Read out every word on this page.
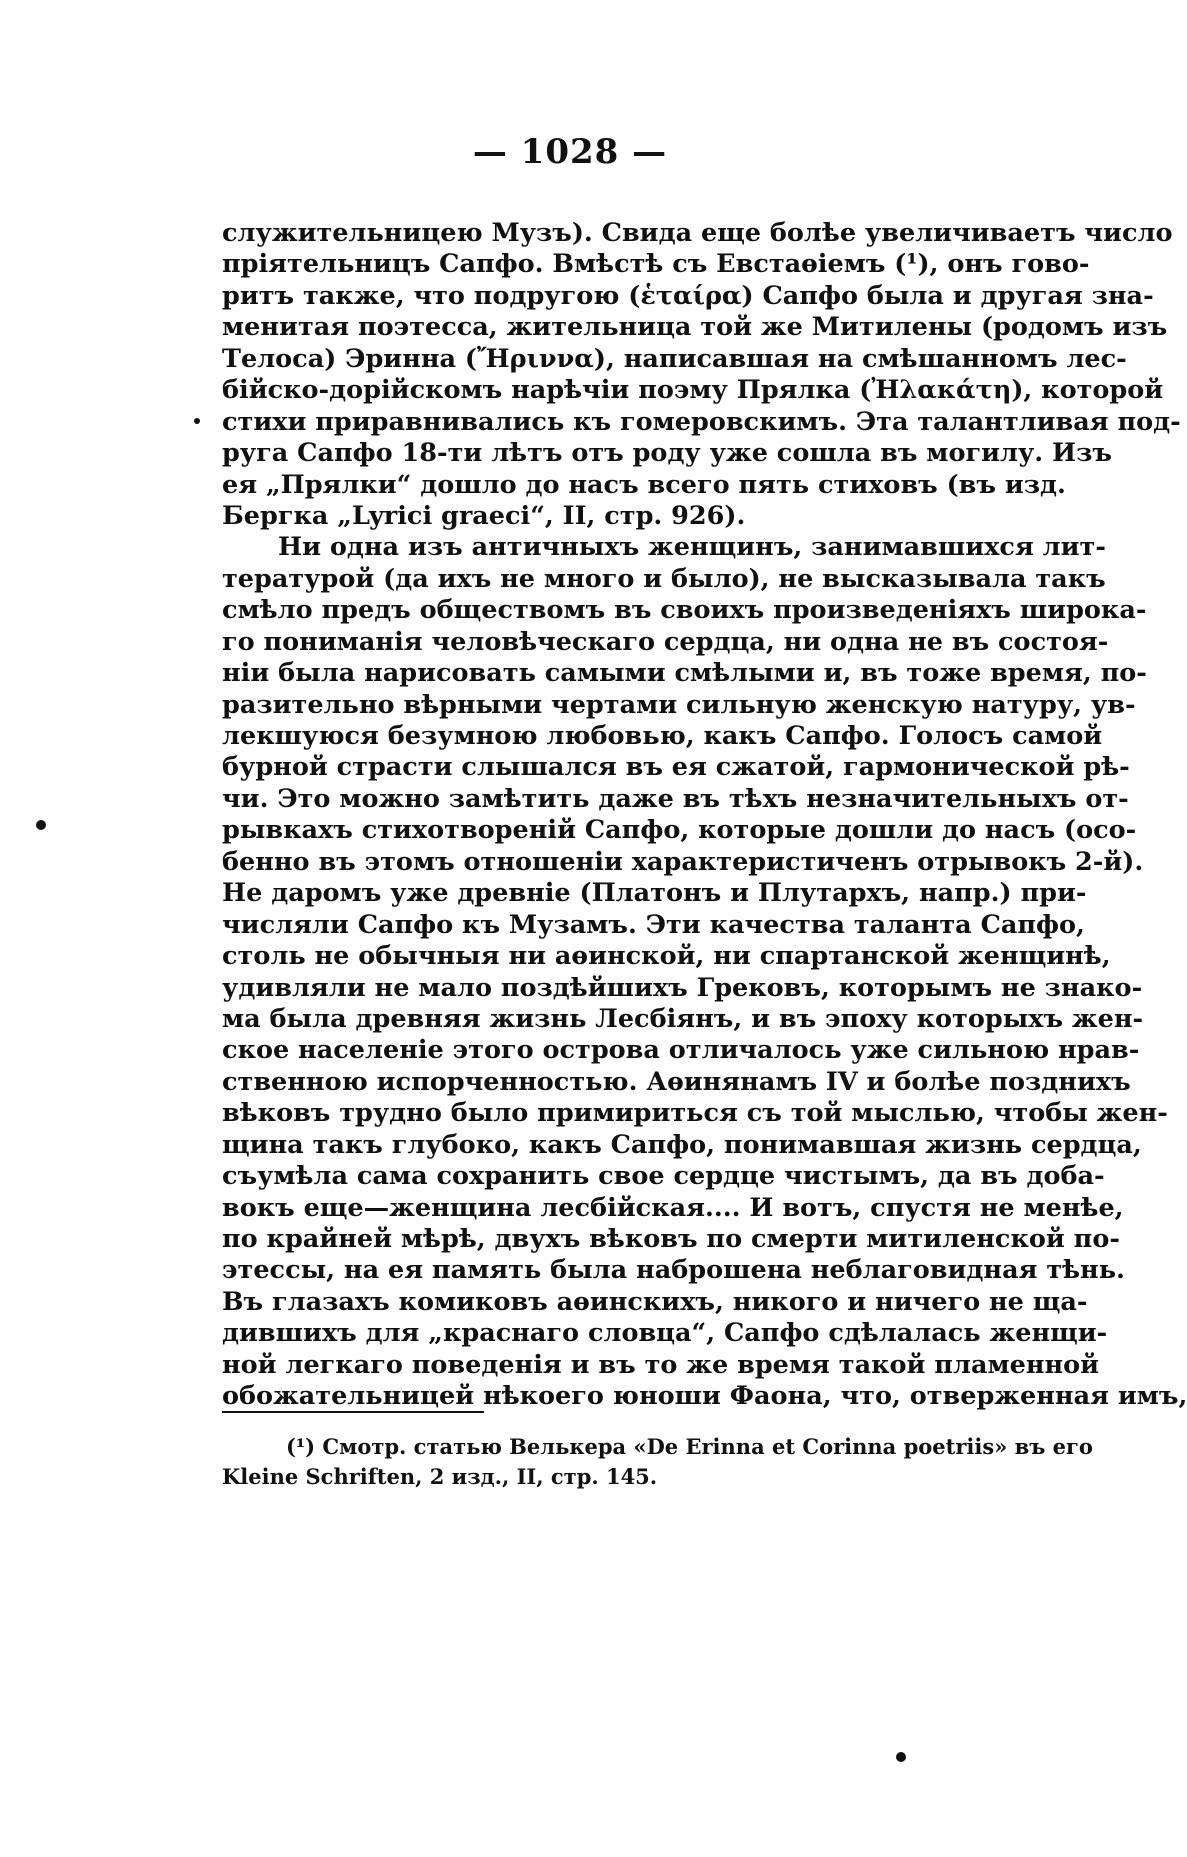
— 1028 —
служительницею Музъ). Свида еще болѣе увеличиваетъ число
пріятельницъ Сапфо. Вмѣстѣ съ Евстаѳіемъ (¹), онъ гово-
ритъ также, что подругою (ἑταίρα) Сапфо была и другая зна-
менитая поэтесса, жительница той же Митилены (родомъ изъ
Телоса) Эринна (Ἤριννα), написавшая на смѣшанномъ лес-
бійско-дорійскомъ нарѣчіи поэму Прялка (Ἠλακάτη), которой
стихи приравнивались къ гомеровскимъ. Эта талантливая под-
руга Сапфо 18-ти лѣтъ отъ роду уже сошла въ могилу. Изъ
ея „Прялки“ дошло до насъ всего пять стиховъ (въ изд.
Бергка „Lyrici graeci“, II, стр. 926).
Ни одна изъ античныхъ женщинъ, занимавшихся лит-
тературой (да ихъ не много и было), не высказывала такъ
смѣло предъ обществомъ въ своихъ произведеніяхъ широка-
го пониманія человѣческаго сердца, ни одна не въ состоя-
ніи была нарисовать самыми смѣлыми и, въ тоже время, по-
разительно вѣрными чертами сильную женскую натуру, ув-
лекшуюся безумною любовью, какъ Сапфо. Голосъ самой
бурной страсти слышался въ ея сжатой, гармонической рѣ-
чи. Это можно замѣтить даже въ тѣхъ незначительныхъ от-
рывкахъ стихотвореній Сапфо, которые дошли до насъ (осо-
бенно въ этомъ отношеніи характеристиченъ отрывокъ 2-й).
Не даромъ уже древніе (Платонъ и Плутархъ, напр.) при-
числяли Сапфо къ Музамъ. Эти качества таланта Сапфо,
столь не обычныя ни аѳинской, ни спартанской женщинѣ,
удивляли не мало поздѣйшихъ Грековъ, которымъ не знако-
ма была древняя жизнь Лесбіянъ, и въ эпоху которыхъ жен-
ское населеніе этого острова отличалось уже сильною нрав-
ственною испорченностью. Аѳинянамъ IV и болѣе позднихъ
вѣковъ трудно было примириться съ той мыслью, чтобы жен-
щина такъ глубоко, какъ Сапфо, понимавшая жизнь сердца,
съумѣла сама сохранить свое сердце чистымъ, да въ доба-
вокъ еще—женщина лесбійская.... И вотъ, спустя не менѣе,
по крайней мѣрѣ, двухъ вѣковъ по смерти митиленской по-
этессы, на ея память была наброшена неблаговидная тѣнь.
Въ глазахъ комиковъ аѳинскихъ, никого и ничего не ща-
дившихъ для „краснаго словца“, Сапфо сдѣлалась женщи-
ной легкаго поведенія и въ то же время такой пламенной
обожательницей нѣкоего юноши Фаона, что, отверженная имъ,
(¹) Смотр. статью Велькера «De Erinna et Corinna poetriis» въ его
Kleine Schriften, 2 изд., II, стр. 145.
